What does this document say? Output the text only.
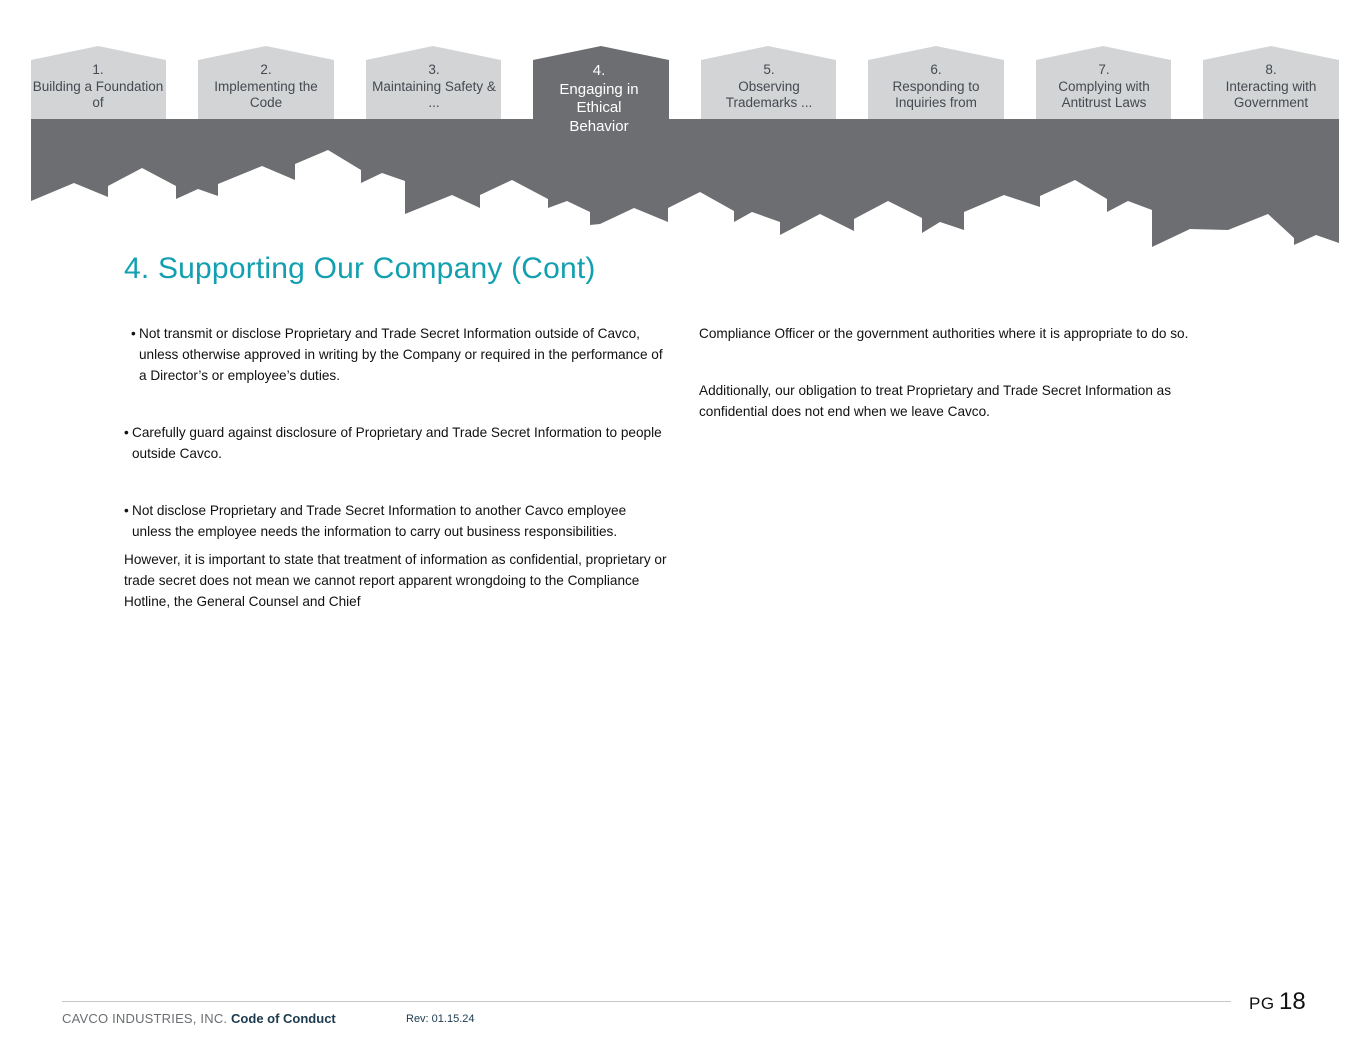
1.
Building a Foundation of
2.
Implementing the Code
3.
Maintaining Safety & ...
4.
Engaging in Ethical Behavior
5.
Observing Trademarks ...
6.
Responding to Inquiries from
7.
Complying with Antitrust Laws
8.
Interacting with Government
4. Supporting Our Company (Cont)

• Not transmit or disclose Proprietary and Trade Secret Information outside of Cavco, unless otherwise approved in writing by the Company or required in the performance of a Director’s or employee’s duties.

• Carefully guard against disclosure of Proprietary and Trade Secret Information to people outside Cavco.

• Not disclose Proprietary and Trade Secret Information to another Cavco employee unless the employee needs the information to carry out business responsibilities.

However, it is important to state that treatment of information as confidential, proprietary or trade secret does not mean we cannot report apparent wrongdoing to the Compliance Hotline, the General Counsel and Chief

Compliance Officer or the government authorities where it is appropriate to do so.

Additionally, our obligation to treat Proprietary and Trade Secret Information as confidential does not end when we leave Cavco.

CAVCO INDUSTRIES, INC. Code of Conduct	Rev: 01.15.24
PG 18
